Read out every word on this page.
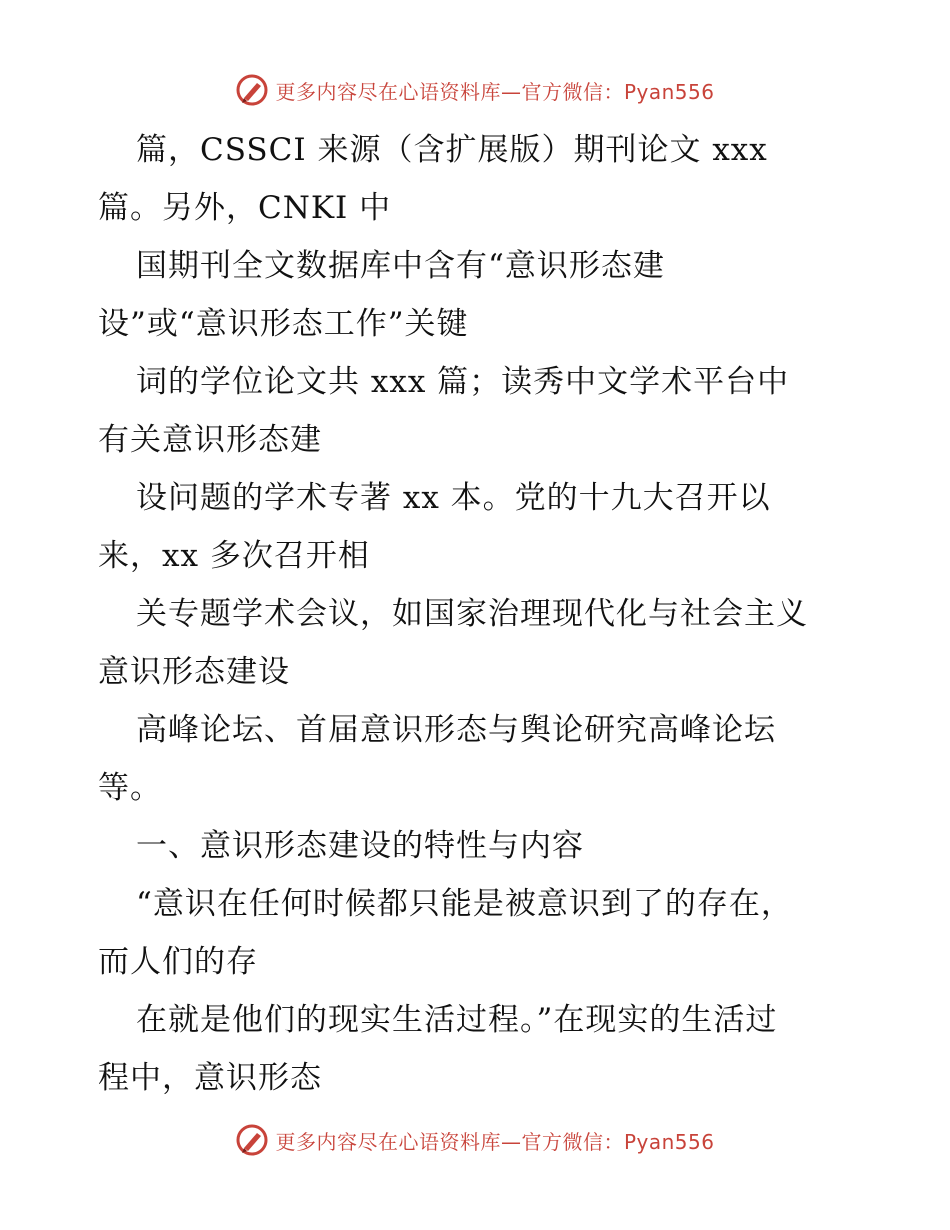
更多内容尽在心语资料库—官方微信：Pyan556
篇，CSSCI 来源（含扩展版）期刊论文 xxx
篇。另外，CNKI 中
国期刊全文数据库中含有“意识形态建
设”或“意识形态工作”关键
词的学位论文共 xxx 篇；读秀中文学术平台中
有关意识形态建
设问题的学术专著 xx 本。党的十九大召开以
来，xx 多次召开相
关专题学术会议，如国家治理现代化与社会主义
意识形态建设
高峰论坛、首届意识形态与舆论研究高峰论坛
等。
一、意识形态建设的特性与内容
“意识在任何时候都只能是被意识到了的存在，
而人们的存
在就是他们的现实生活过程。”在现实的生活过
程中，意识形态
更多内容尽在心语资料库—官方微信：Pyan556
